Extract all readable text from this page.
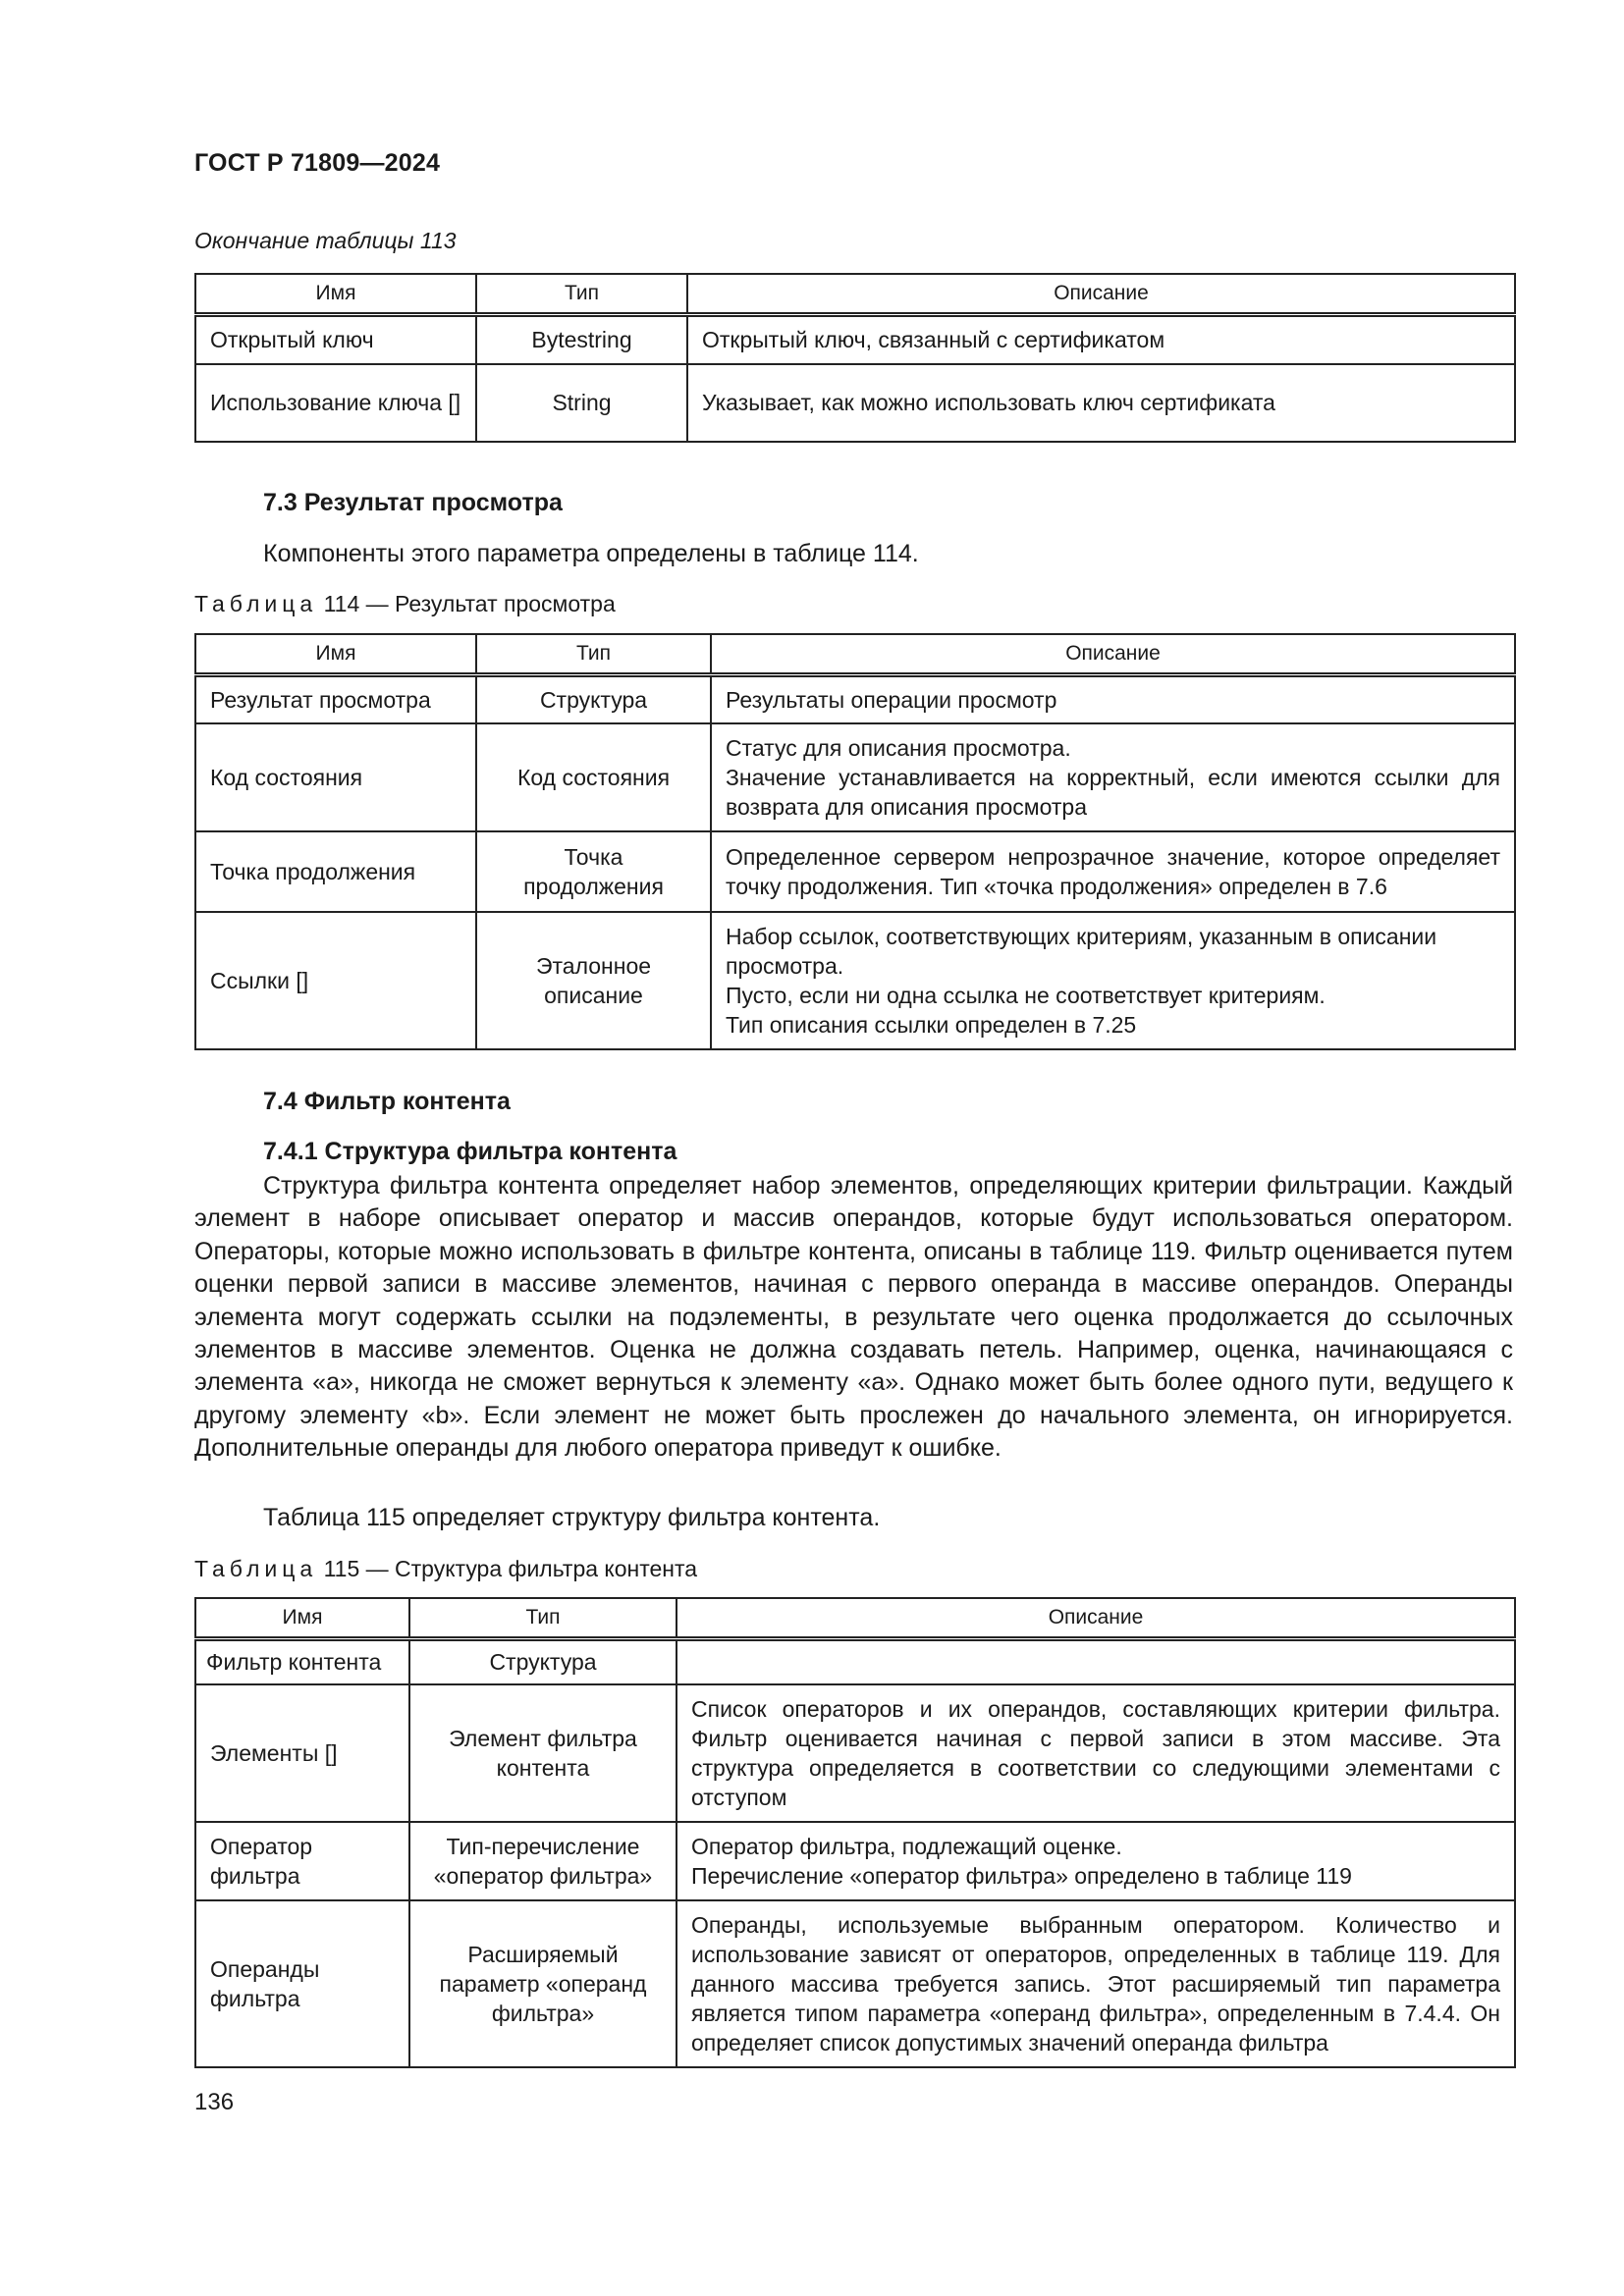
ГОСТ Р 71809—2024
Окончание таблицы 113
Имя	Тип	Описание
Открытый ключ	Bytestring	Открытый ключ, связанный с сертификатом
Использование ключа []	String	Указывает, как можно использовать ключ сертификата
7.3 Результат просмотра
Компоненты этого параметра определены в таблице 114.
Таблица 114 — Результат просмотра
Имя	Тип	Описание
Результат просмотра	Структура	Результаты операции просмотр
Код состояния	Код состояния	Статус для описания просмотра.
Значение устанавливается на корректный, если имеются ссылки для возврата для описания просмотра
Точка продолжения	Точка продолжения	Определенное сервером непрозрачное значение, которое определяет точку продолжения. Тип «точка продолжения» определен в 7.6
Ссылки []	Эталонное описание	Набор ссылок, соответствующих критериям, указанным в описании просмотра.
Пусто, если ни одна ссылка не соответствует критериям.
Тип описания ссылки определен в 7.25
7.4 Фильтр контента
7.4.1 Структура фильтра контента

Структура фильтра контента определяет набор элементов, определяющих критерии фильтрации. Каждый элемент в наборе описывает оператор и массив операндов, которые будут использоваться оператором. Операторы, которые можно использовать в фильтре контента, описаны в таблице 119. Фильтр оценивается путем оценки первой записи в массиве элементов, начиная с первого операнда в массиве операндов. Операнды элемента могут содержать ссылки на подэлементы, в результате чего оценка продолжается до ссылочных элементов в массиве элементов. Оценка не должна создавать петель. Например, оценка, начинающаяся с элемента «a», никогда не сможет вернуться к элементу «a». Однако может быть более одного пути, ведущего к другому элементу «b». Если элемент не может быть прослежен до начального элемента, он игнорируется. Дополнительные операнды для любого оператора приведут к ошибке.

Таблица 115 определяет структуру фильтра контента.
Таблица 115 — Структура фильтра контента
Имя	Тип	Описание
Фильтр контента	Структура	
Элементы []	Элемент фильтра контента	Список операторов и их операндов, составляющих критерии фильтра. Фильтр оценивается начиная с первой записи в этом массиве. Эта структура определяется в соответствии со следующими элементами с отступом
Оператор фильтра	Тип-перечисление «оператор фильтра»	Оператор фильтра, подлежащий оценке.
Перечисление «оператор фильтра» определено в таблице 119
Операнды фильтра	Расширяемый параметр «операнд фильтра»	Операнды, используемые выбранным оператором. Количество и использование зависят от операторов, определенных в таблице 119. Для данного массива требуется запись. Этот расширяемый тип параметра является типом параметра «операнд фильтра», определенным в 7.4.4. Он определяет список допустимых значений операнда фильтра
136
